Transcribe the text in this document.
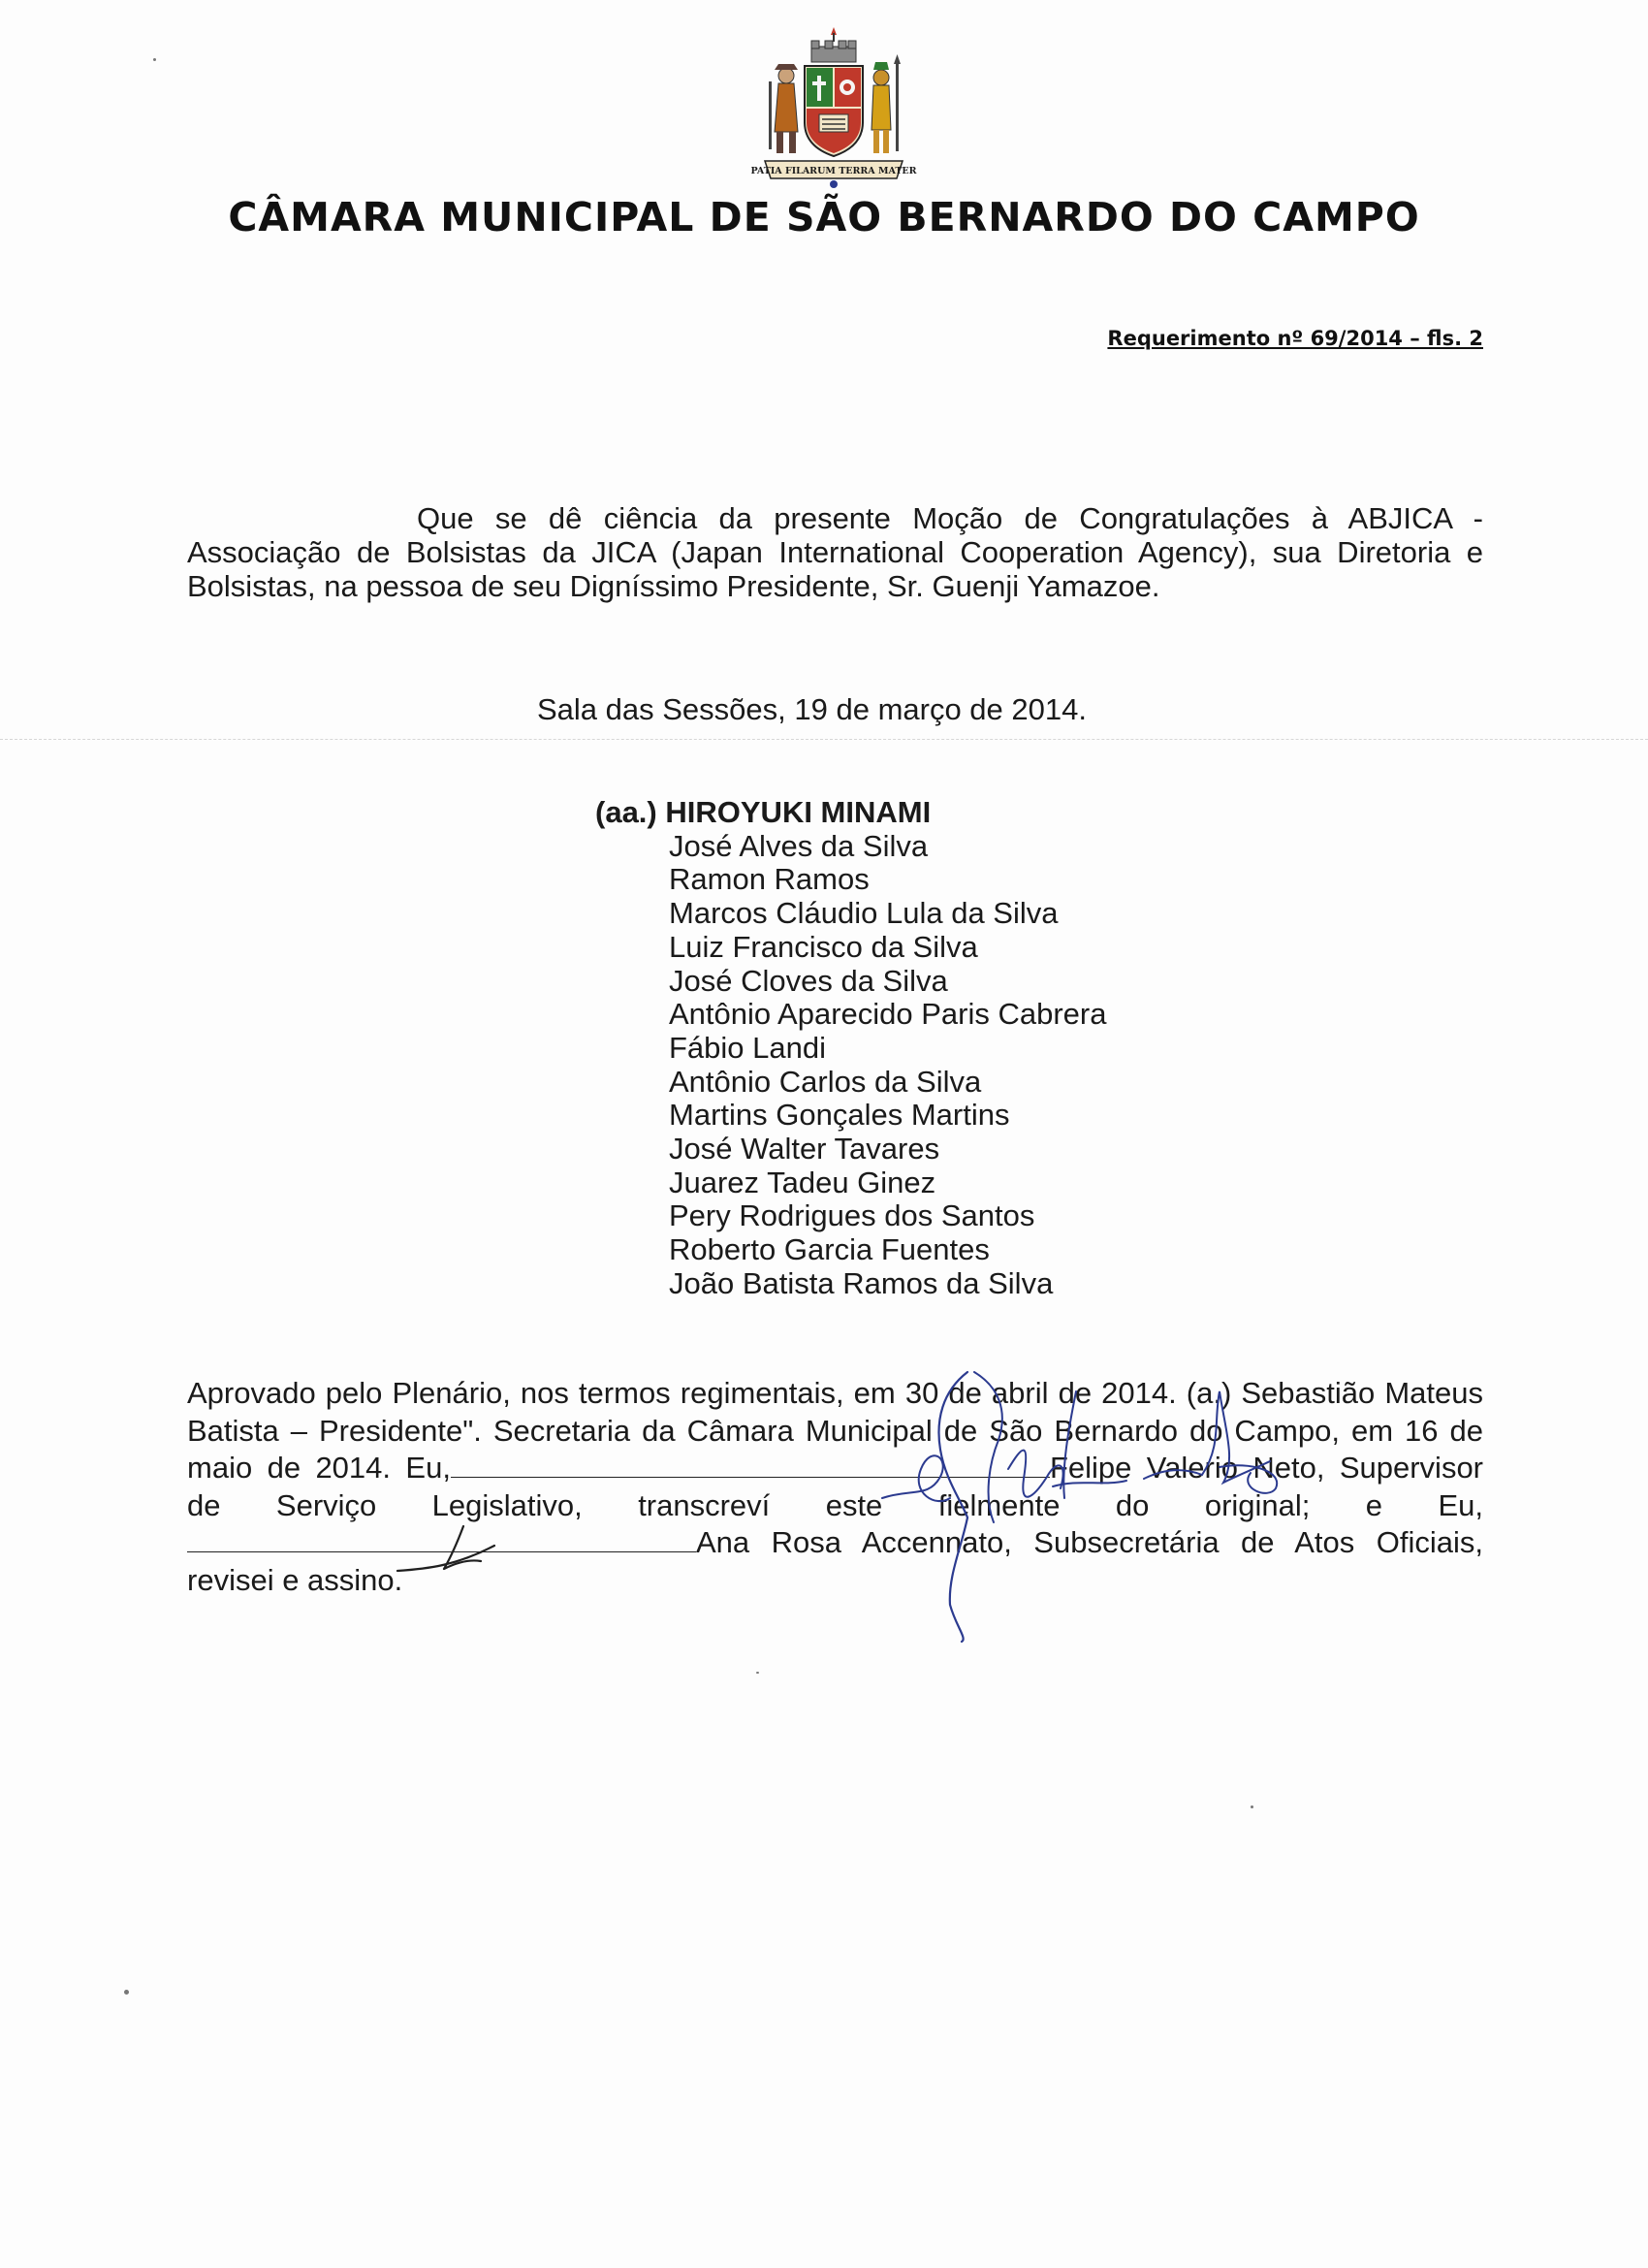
PATIA FILARUM TERRA MATER
CÂMARA MUNICIPAL DE SÃO BERNARDO DO CAMPO
Requerimento nº 69/2014 – fls. 2

Que se dê ciência da presente Moção de Congratulações à ABJICA - Associação de Bolsistas da JICA (Japan International Cooperation Agency), sua Diretoria e Bolsistas, na pessoa de seu Digníssimo Presidente, Sr. Guenji Yamazoe.

Sala das Sessões, 19 de março de 2014.
(aa.) HIROYUKI MINAMI
José Alves da Silva
Ramon Ramos
Marcos Cláudio Lula da Silva
Luiz Francisco da Silva
José Cloves da Silva
Antônio Aparecido Paris Cabrera
Fábio Landi
Antônio Carlos da Silva
Martins Gonçales Martins
José Walter Tavares
Juarez Tadeu Ginez
Pery Rodrigues dos Santos
Roberto Garcia Fuentes
João Batista Ramos da Silva

Aprovado pelo Plenário, nos termos regimentais, em 30 de abril de 2014. (a.) Sebastião Mateus Batista – Presidente". Secretaria da Câmara Municipal de São Bernardo do Campo, em 16 de maio de 2014. Eu,	Felipe Valerio Neto, Supervisor de Serviço Legislativo, transcreví este fielmente do original; e Eu,Ana Rosa Accennato, Subsecretária de Atos Oficiais, revisei e assino.
